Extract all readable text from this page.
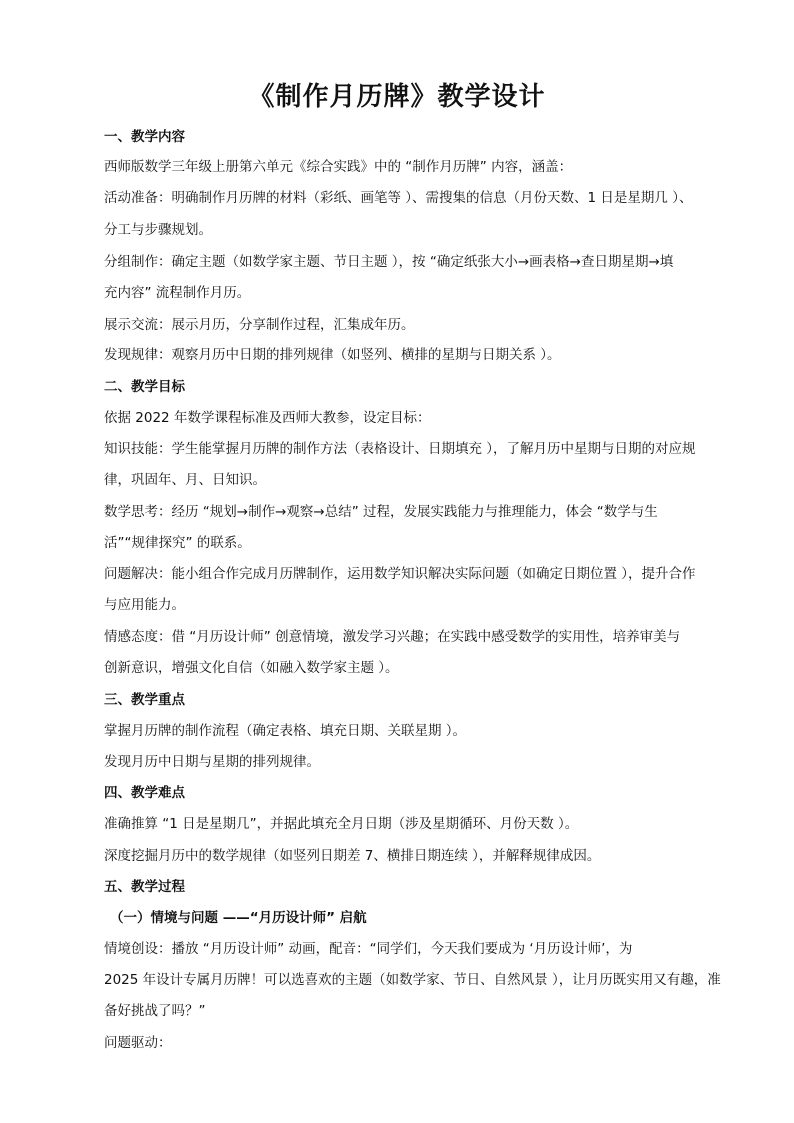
《制作月历牌》教学设计

一、教学内容

西师版数学三年级上册第六单元《综合实践》中的 “制作月历牌” 内容，涵盖：

活动准备：明确制作月历牌的材料（彩纸、画笔等 ）、需搜集的信息（月份天数、1 日是星期几 ）、

分工与步骤规划。

分组制作：确定主题（如数学家主题、节日主题 ），按 “确定纸张大小→画表格→查日期星期→填

充内容” 流程制作月历。

展示交流：展示月历，分享制作过程，汇集成年历。

发现规律：观察月历中日期的排列规律（如竖列、横排的星期与日期关系 ）。

二、教学目标

依据 2022 年数学课程标准及西师大教参，设定目标：

知识技能：学生能掌握月历牌的制作方法（表格设计、日期填充 ），了解月历中星期与日期的对应规

律，巩固年、月、日知识。

数学思考：经历 “规划→制作→观察→总结” 过程，发展实践能力与推理能力，体会 “数学与生

活”“规律探究” 的联系。

问题解决：能小组合作完成月历牌制作，运用数学知识解决实际问题（如确定日期位置 ），提升合作

与应用能力。

情感态度：借 “月历设计师” 创意情境，激发学习兴趣；在实践中感受数学的实用性，培养审美与

创新意识，增强文化自信（如融入数学家主题 ）。

三、教学重点

掌握月历牌的制作流程（确定表格、填充日期、关联星期 ）。

发现月历中日期与星期的排列规律。

四、教学难点

准确推算 “1 日是星期几”，并据此填充全月日期（涉及星期循环、月份天数 ）。

深度挖掘月历中的数学规律（如竖列日期差 7、横排日期连续 ），并解释规律成因。

五、教学过程

（一）情境与问题 ——“月历设计师” 启航

情境创设：播放 “月历设计师” 动画，配音：“同学们，今天我们要成为 ‘月历设计师’，为

2025 年设计专属月历牌！可以选喜欢的主题（如数学家、节日、自然风景 ），让月历既实用又有趣，准

备好挑战了吗？”

问题驱动：
